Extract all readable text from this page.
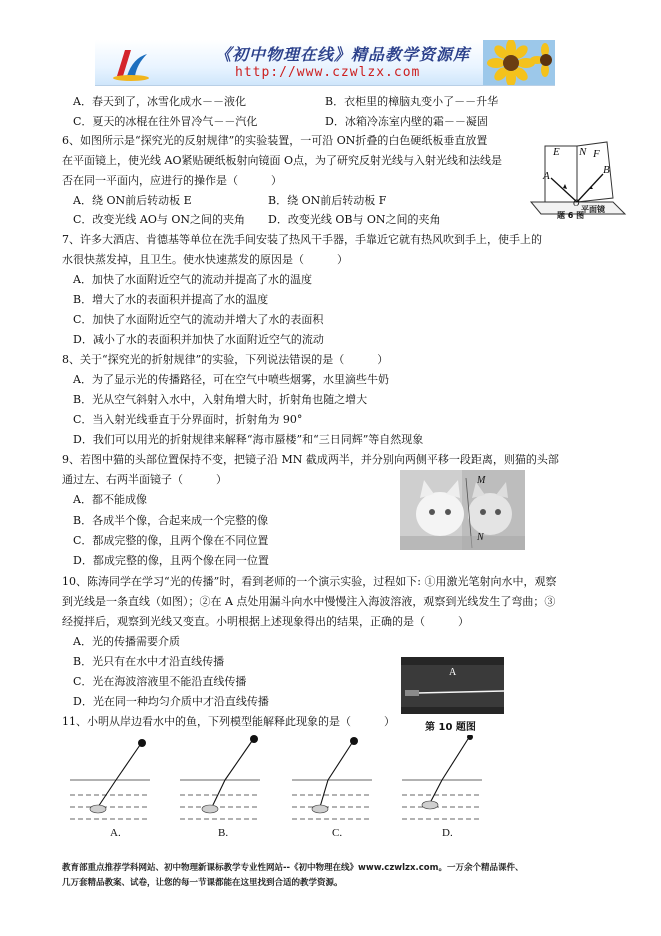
《初中物理在线》精品教学资源库
http://www.czwlzx.com
A．春天到了，冰雪化成水－－液化	B．衣柜里的樟脑丸变小了－－升华
C．夏天的冰棍在往外冒冷气－－汽化	D．冰箱冷冻室内壁的霜－－凝固
6、如图所示是“探究光的反射规律”的实验装置，一可沿 ON折叠的白色硬纸板垂直放置
在平面镜上，使光线 AO紧贴硬纸板射向镜面 O点，为了研究反射光线与入射光线和法线是
否在同一平面内，应进行的操作是（　　　）
A．绕 ON前后转动板 E	B．绕 ON前后转动板 F
C．改变光线 AO与 ON之间的夹角 D．改变光线 OB与 ON之间的夹角
E N F
A	B
O
平面镜
题 6 图
7、许多大酒店、肯德基等单位在洗手间安装了热风干手器，手靠近它就有热风吹到手上，使手上的
水很快蒸发掉，且卫生。使水快速蒸发的原因是（　　　）
A．加快了水面附近空气的流动并提高了水的温度
B．增大了水的表面积并提高了水的温度
C．加快了水面附近空气的流动并增大了水的表面积
D．减小了水的表面积并加快了水面附近空气的流动
8、关于“探究光的折射规律”的实验，下列说法错误的是（　　　）
A．为了显示光的传播路径，可在空气中喷些烟雾，水里滴些牛奶
B．光从空气斜射入水中，入射角增大时，折射角也随之增大
C．当入射光线垂直于分界面时，折射角为 90°
D．我们可以用光的折射规律来解释“海市蜃楼”和“三日同辉”等自然现象
9、若图中猫的头部位置保持不变，把镜子沿 MN 截成两半，并分别向两侧平移一段距离，则猫的头部
通过左、右两半面镜子（　　　）
A．都不能成像
B．各成半个像，合起来成一个完整的像
C．都成完整的像，且两个像在不同位置
D．都成完整的像，且两个像在同一位置
M
N
10、陈涛同学在学习“光的传播”时，看到老师的一个演示实验，过程如下: ①用激光笔射向水中，观察
到光线是一条直线（如图）；②在 A 点处用漏斗向水中慢慢注入海波溶液，观察到光线发生了弯曲；③
经搅拌后，观察到光线又变直。小明根据上述现象得出的结果，正确的是（　　　）
A．光的传播需要介质
B．光只有在水中才沿直线传播
C．光在海波溶液里不能沿直线传播
D．光在同一种均匀介质中才沿直线传播
A
第 10 题图
11、小明从岸边看水中的鱼，下列模型能解释此现象的是（　　　）
A.	B.	C.	D.
教育部重点推荐学科网站、初中物理新课标教学专业性网站--《初中物理在线》www.czwlzx.com。一万余个精品课件、
几万套精品教案、试卷，让您的每一节课都能在这里找到合适的教学资源。
